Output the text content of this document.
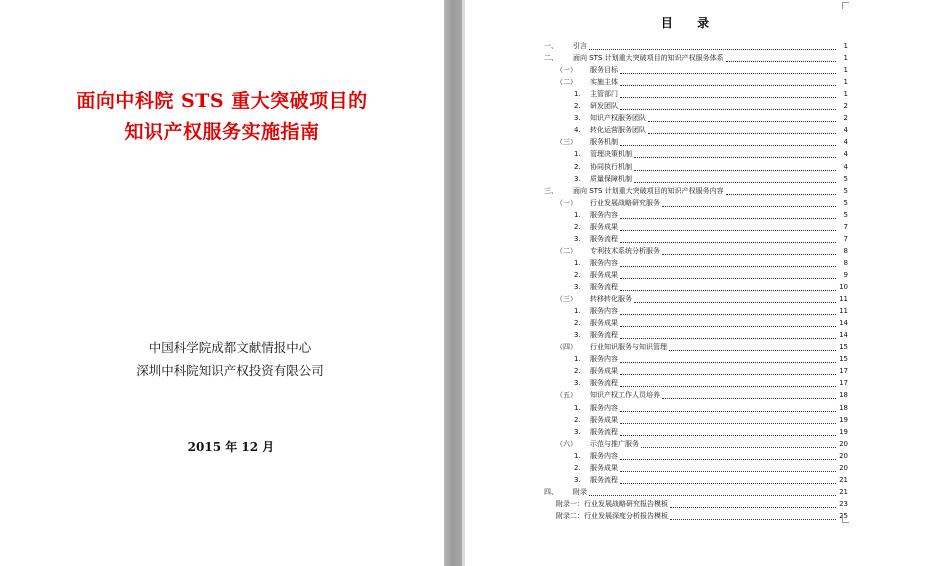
面向中科院 STS 重大突破项目的
知识产权服务实施指南
中国科学院成都文献情报中心
深圳中科院知识产权投资有限公司
2015 年 12 月
目 录
一、 引言	1
二、 面向 STS 计划重大突破项目的知识产权服务体系	1
（一） 服务目标	1
（二） 实施主体	1
1. 主管部门	1
2. 研发团队	2
3. 知识产权服务团队	2
4. 转化运营服务团队	4
（三） 服务机制	4
1. 管理决策机制	4
2. 协同执行机制	4
3. 质量保障机制	5
三、 面向 STS 计划重大突破项目的知识产权服务内容	5
（一） 行业发展战略研究服务	5
1. 服务内容	5
2. 服务成果	7
3. 服务流程	7
（二） 专利技术系统分析服务	8
1. 服务内容	8
2. 服务成果	9
3. 服务流程	10
（三） 转移转化服务	11
1. 服务内容	11
2. 服务成果	14
3. 服务流程	14
（四） 行业知识服务与知识管理	15
1. 服务内容	15
2. 服务成果	17
3. 服务流程	17
（五） 知识产权工作人员培养	18
1. 服务内容	18
2. 服务成果	19
3. 服务流程	19
（六） 示范与推广服务	20
1. 服务内容	20
2. 服务成果	20
3. 服务流程	21
四、 附录	21
附录一：行业发展战略研究报告模板	23
附录二：行业发展深度分析报告模板	25
